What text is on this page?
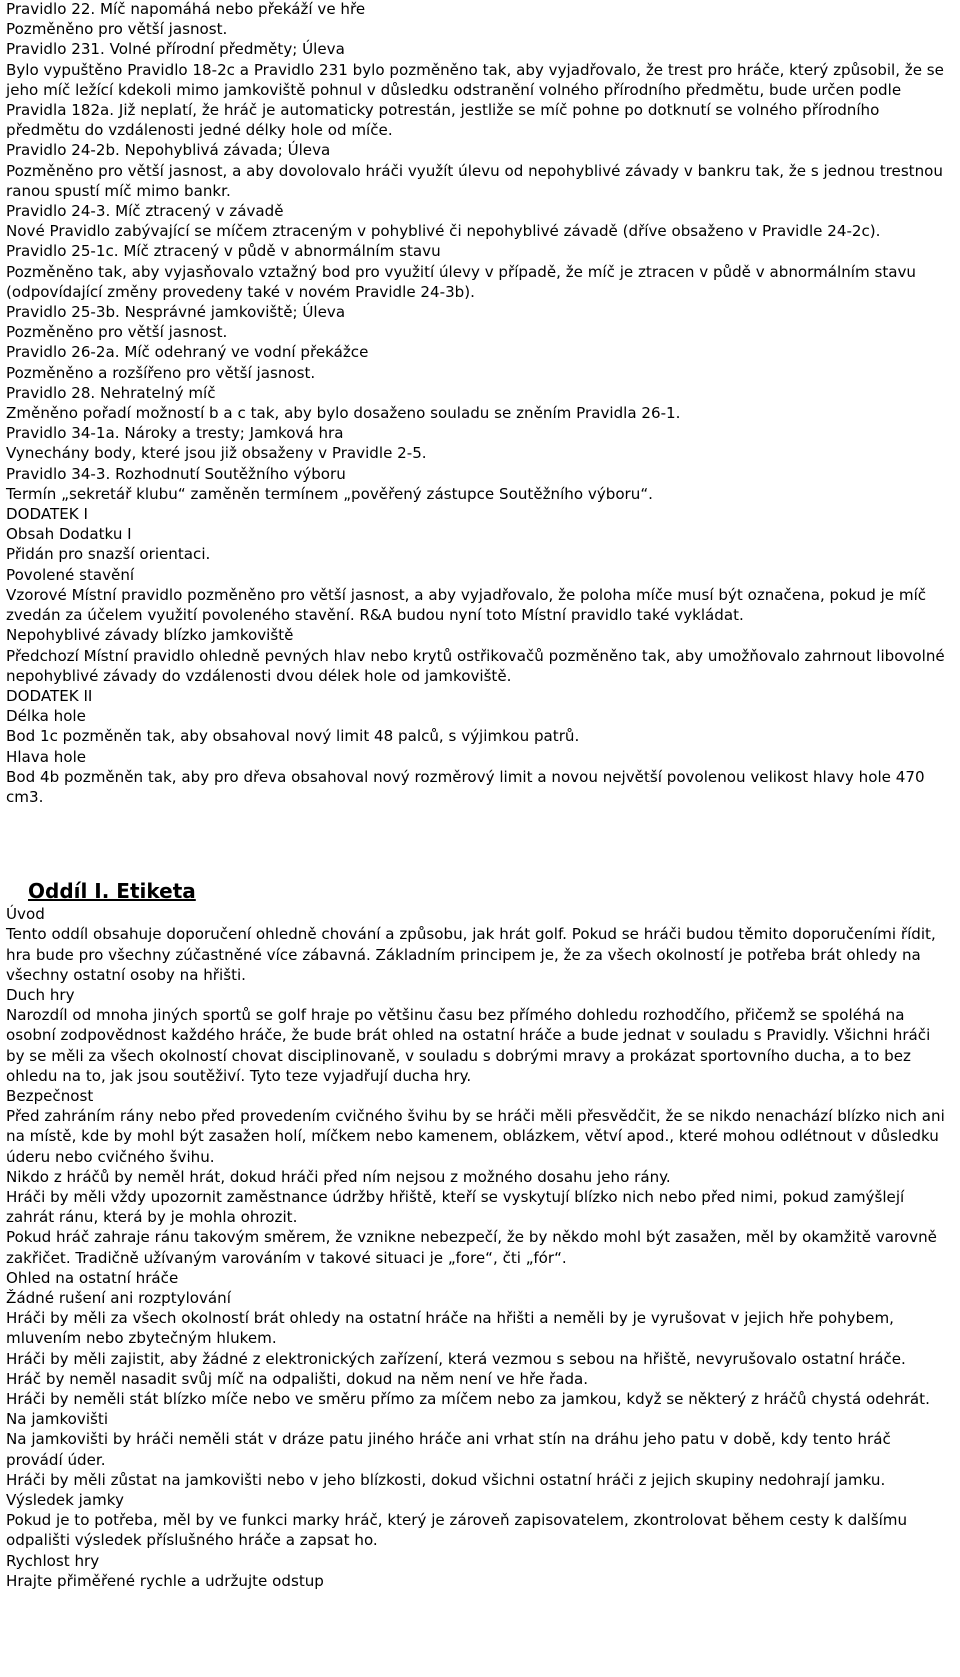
Pravidlo 22. Míč napomáhá nebo překáží ve hře

Pozměněno pro větší jasnost.

Pravidlo 231. Volné přírodní předměty; Úleva

Bylo vypuštěno Pravidlo 18-2c a Pravidlo 231 bylo pozměněno tak, aby vyjadřovalo, že trest pro hráče, který způsobil, že se jeho míč ležící kdekoli mimo jamkoviště pohnul v důsledku odstranění volného přírodního předmětu, bude určen podle Pravidla 182a. Již neplatí, že hráč je automaticky potrestán, jestliže se míč pohne po dotknutí se volného přírodního předmětu do vzdálenosti jedné délky hole od míče.

Pravidlo 24-2b. Nepohyblivá závada; Úleva

Pozměněno pro větší jasnost, a aby dovolovalo hráči využít úlevu od nepohyblivé závady v bankru tak, že s jednou trestnou ranou spustí míč mimo bankr.

Pravidlo 24-3. Míč ztracený v závadě

Nové Pravidlo zabývající se míčem ztraceným v pohyblivé či nepohyblivé závadě (dříve obsaženo v Pravidle 24-2c).

Pravidlo 25-1c. Míč ztracený v půdě v abnormálním stavu

Pozměněno tak, aby vyjasňovalo vztažný bod pro využití úlevy v případě, že míč je ztracen v půdě v abnormálním stavu (odpovídající změny provedeny také v novém Pravidle 24-3b).

Pravidlo 25-3b. Nesprávné jamkoviště; Úleva

Pozměněno pro větší jasnost.

Pravidlo 26-2a. Míč odehraný ve vodní překážce

Pozměněno a rozšířeno pro větší jasnost.

Pravidlo 28. Nehratelný míč

Změněno pořadí možností b a c tak, aby bylo dosaženo souladu se zněním Pravidla 26-1.

Pravidlo 34-1a. Nároky a tresty; Jamková hra

Vynechány body, které jsou již obsaženy v Pravidle 2-5.

Pravidlo 34-3. Rozhodnutí Soutěžního výboru

Termín „sekretář klubu“ zaměněn termínem „pověřený zástupce Soutěžního výboru“.

DODATEK I

Obsah Dodatku I

Přidán pro snazší orientaci.

Povolené stavění

Vzorové Místní pravidlo pozměněno pro větší jasnost, a aby vyjadřovalo, že poloha míče musí být označena, pokud je míč zvedán za účelem využití povoleného stavění. R&A budou nyní toto Místní pravidlo také vykládat.

Nepohyblivé závady blízko jamkoviště

Předchozí Místní pravidlo ohledně pevných hlav nebo krytů ostřikovačů pozměněno tak, aby umožňovalo zahrnout libovolné nepohyblivé závady do vzdálenosti dvou délek hole od jamkoviště.

DODATEK II

Délka hole

Bod 1c pozměněn tak, aby obsahoval nový limit 48 palců, s výjimkou patrů.

Hlava hole

Bod 4b pozměněn tak, aby pro dřeva obsahoval nový rozměrový limit a novou největší povolenou velikost hlavy hole 470 cm3.

Oddíl I. Etiketa

Úvod

Tento oddíl obsahuje doporučení ohledně chování a způsobu, jak hrát golf. Pokud se hráči budou těmito doporučeními řídit, hra bude pro všechny zúčastněné více zábavná. Základním principem je, že za všech okolností je potřeba brát ohledy na všechny ostatní osoby na hřišti.

Duch hry

Narozdíl od mnoha jiných sportů se golf hraje po většinu času bez přímého dohledu rozhodčího, přičemž se spoléhá na osobní zodpovědnost každého hráče, že bude brát ohled na ostatní hráče a bude jednat v souladu s Pravidly. Všichni hráči by se měli za všech okolností chovat disciplinovaně, v souladu s dobrými mravy a prokázat sportovního ducha, a to bez ohledu na to, jak jsou soutěživí. Tyto teze vyjadřují ducha hry.

Bezpečnost

Před zahráním rány nebo před provedením cvičného švihu by se hráči měli přesvědčit, že se nikdo nenachází blízko nich ani na místě, kde by mohl být zasažen holí, míčkem nebo kamenem, oblázkem, větví apod., které mohou odlétnout v důsledku úderu nebo cvičného švihu.

Nikdo z hráčů by neměl hrát, dokud hráči před ním nejsou z možného dosahu jeho rány.

Hráči by měli vždy upozornit zaměstnance údržby hřiště, kteří se vyskytují blízko nich nebo před nimi, pokud zamýšlejí zahrát ránu, která by je mohla ohrozit.

Pokud hráč zahraje ránu takovým směrem, že vznikne nebezpečí, že by někdo mohl být zasažen, měl by okamžitě varovně zakřičet. Tradičně užívaným varováním v takové situaci je „fore“, čti „fór“.

Ohled na ostatní hráče

Žádné rušení ani rozptylování

Hráči by měli za všech okolností brát ohledy na ostatní hráče na hřišti a neměli by je vyrušovat v jejich hře pohybem, mluvením nebo zbytečným hlukem.

Hráči by měli zajistit, aby žádné z elektronických zařízení, která vezmou s sebou na hřiště, nevyrušovalo ostatní hráče.

Hráč by neměl nasadit svůj míč na odpališti, dokud na něm není ve hře řada.

Hráči by neměli stát blízko míče nebo ve směru přímo za míčem nebo za jamkou, když se některý z hráčů chystá odehrát.

Na jamkovišti

Na jamkovišti by hráči neměli stát v dráze patu jiného hráče ani vrhat stín na dráhu jeho patu v době, kdy tento hráč provádí úder.

Hráči by měli zůstat na jamkovišti nebo v jeho blízkosti, dokud všichni ostatní hráči z jejich skupiny nedohrají jamku.

Výsledek jamky

Pokud je to potřeba, měl by ve funkci marky hráč, který je zároveň zapisovatelem, zkontrolovat během cesty k dalšímu odpališti výsledek příslušného hráče a zapsat ho.

Rychlost hry

Hrajte přiměřené rychle a udržujte odstup
